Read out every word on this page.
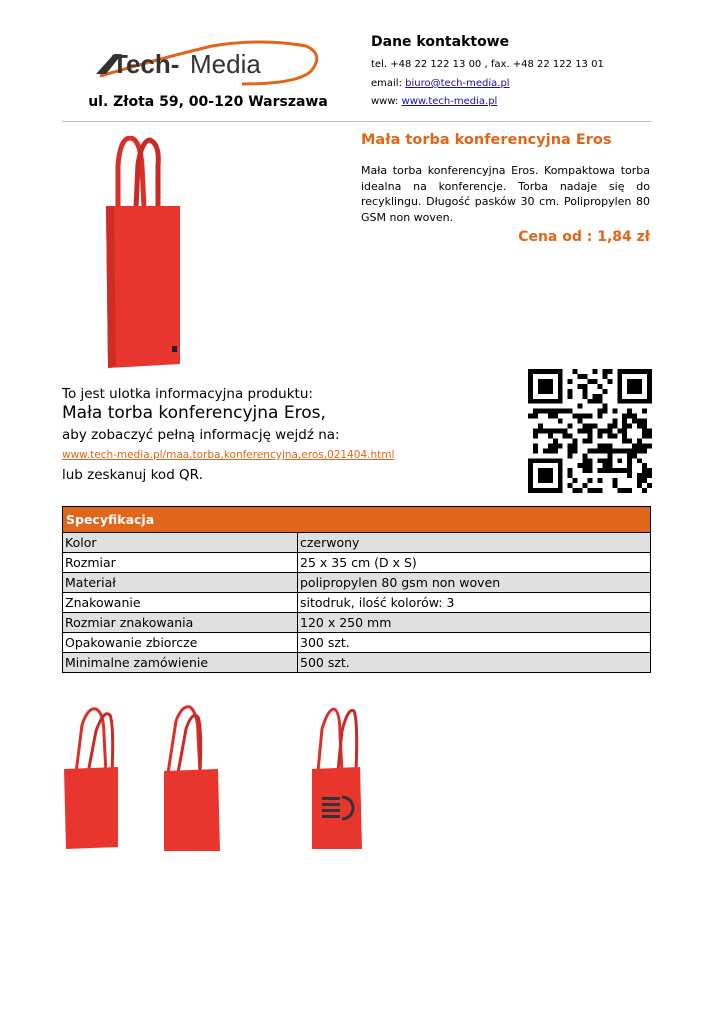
Tech- Media
ul. Złota 59, 00-120 Warszawa
Dane kontaktowe
tel. +48 22 122 13 00 , fax. +48 22 122 13 01
email: biuro@tech-media.pl
www: www.tech-media.pl
Mała torba konferencyjna Eros
Mała torba konferencyjna Eros. Kompaktowa torba idealna na konferencje. Torba nadaje się do recyklingu. Długość pasków 30 cm. Polipropylen 80 GSM non woven.
Cena od : 1,84 zł
To jest ulotka informacyjna produktu:
Mała torba konferencyjna Eros,
aby zobaczyć pełną informację wejdź na:
www.tech-media.pl/maa,torba,konferencyjna,eros,021404.html
lub zeskanuj kod QR.
Specyfikacja	
Kolor	czerwony
Rozmiar	25 x 35 cm (D x S)
Materiał	polipropylen 80 gsm non woven
Znakowanie	sitodruk, ilość kolorów: 3
Rozmiar znakowania	120 x 250 mm
Opakowanie zbiorcze	300 szt.
Minimalne zamówienie	500 szt.
